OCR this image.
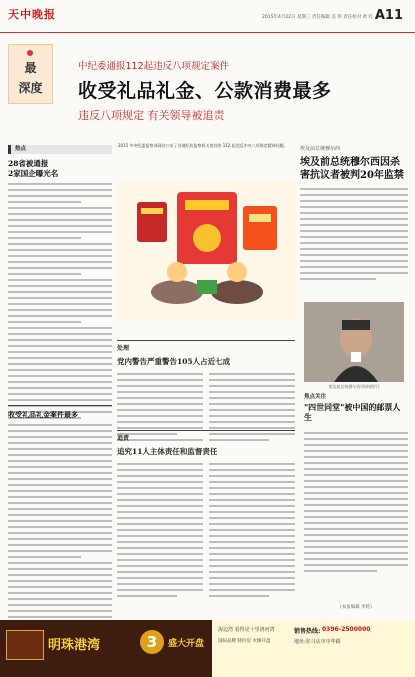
天中晚报	2015年4月22日 星期三 责任编辑 美 伟 责任校对 黄 红 A11
最
深度
中纪委通报112起违反八项规定案件
收受礼品礼金、公款消费最多
违反八项规定 有关领导被追责
2015 中央纪委监察部网站公布了各地纪检监察机关查处的 112 起违反中央八项规定精神问题。
热点
28省被通报
2家国企曝光名
收受礼品礼金案件最多
处理
党内警告严重警告105人占近七成
追责
追究11人主体责任和监督责任
埃及前总统穆尔西
埃及前总统穆尔西因杀害抗议者被判20年监禁
埃及前总统穆尔西(资料图片)
焦点关注
"四世同堂"被中国的邮票人生
(本报编辑 李铭)
明珠港湾	3	盛大开盘
海边湾 看得见十里洛河湾
国际品牌 特价房 火爆开盘
销售热线: 0396-2500000
地址:驻马店市中华路
